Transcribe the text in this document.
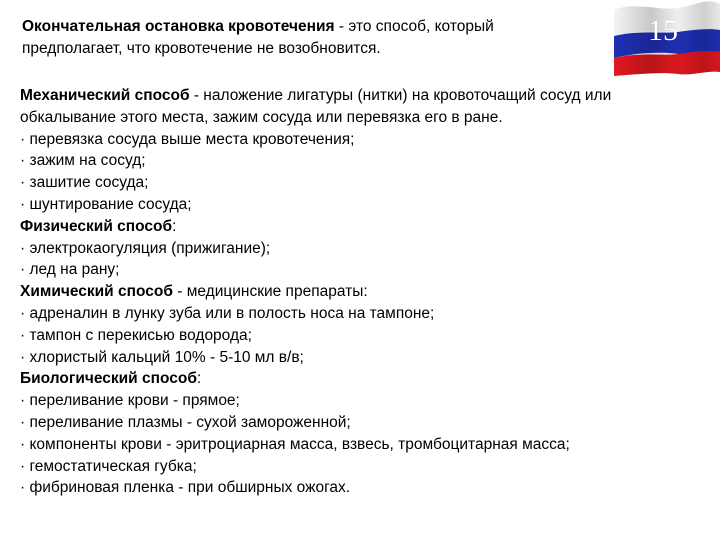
15
Окончательная остановка кровотечения - это способ, который предполагает, что кровотечение не возобновится.
Механический способ - наложение лигатуры (нитки) на кровоточащий сосуд или обкалывание этого места, зажим сосуда или перевязка его в ране.
· перевязка сосуда выше места кровотечения;
· зажим на сосуд;
· зашитие сосуда;
· шунтирование сосуда;
Физический способ:
· электрокаогуляция (прижигание);
· лед на рану;
Химический способ - медицинские препараты:
· адреналин в лунку зуба или в полость носа на тампоне;
· тампон с перекисью водорода;
· хлористый кальций 10% - 5-10 мл в/в;
Биологический способ:
· переливание крови - прямое;
· переливание плазмы - сухой замороженной;
· компоненты крови - эритроциарная масса, взвесь, тромбоцитарная масса;
· гемостатическая губка;
· фибриновая пленка - при обширных ожогах.
